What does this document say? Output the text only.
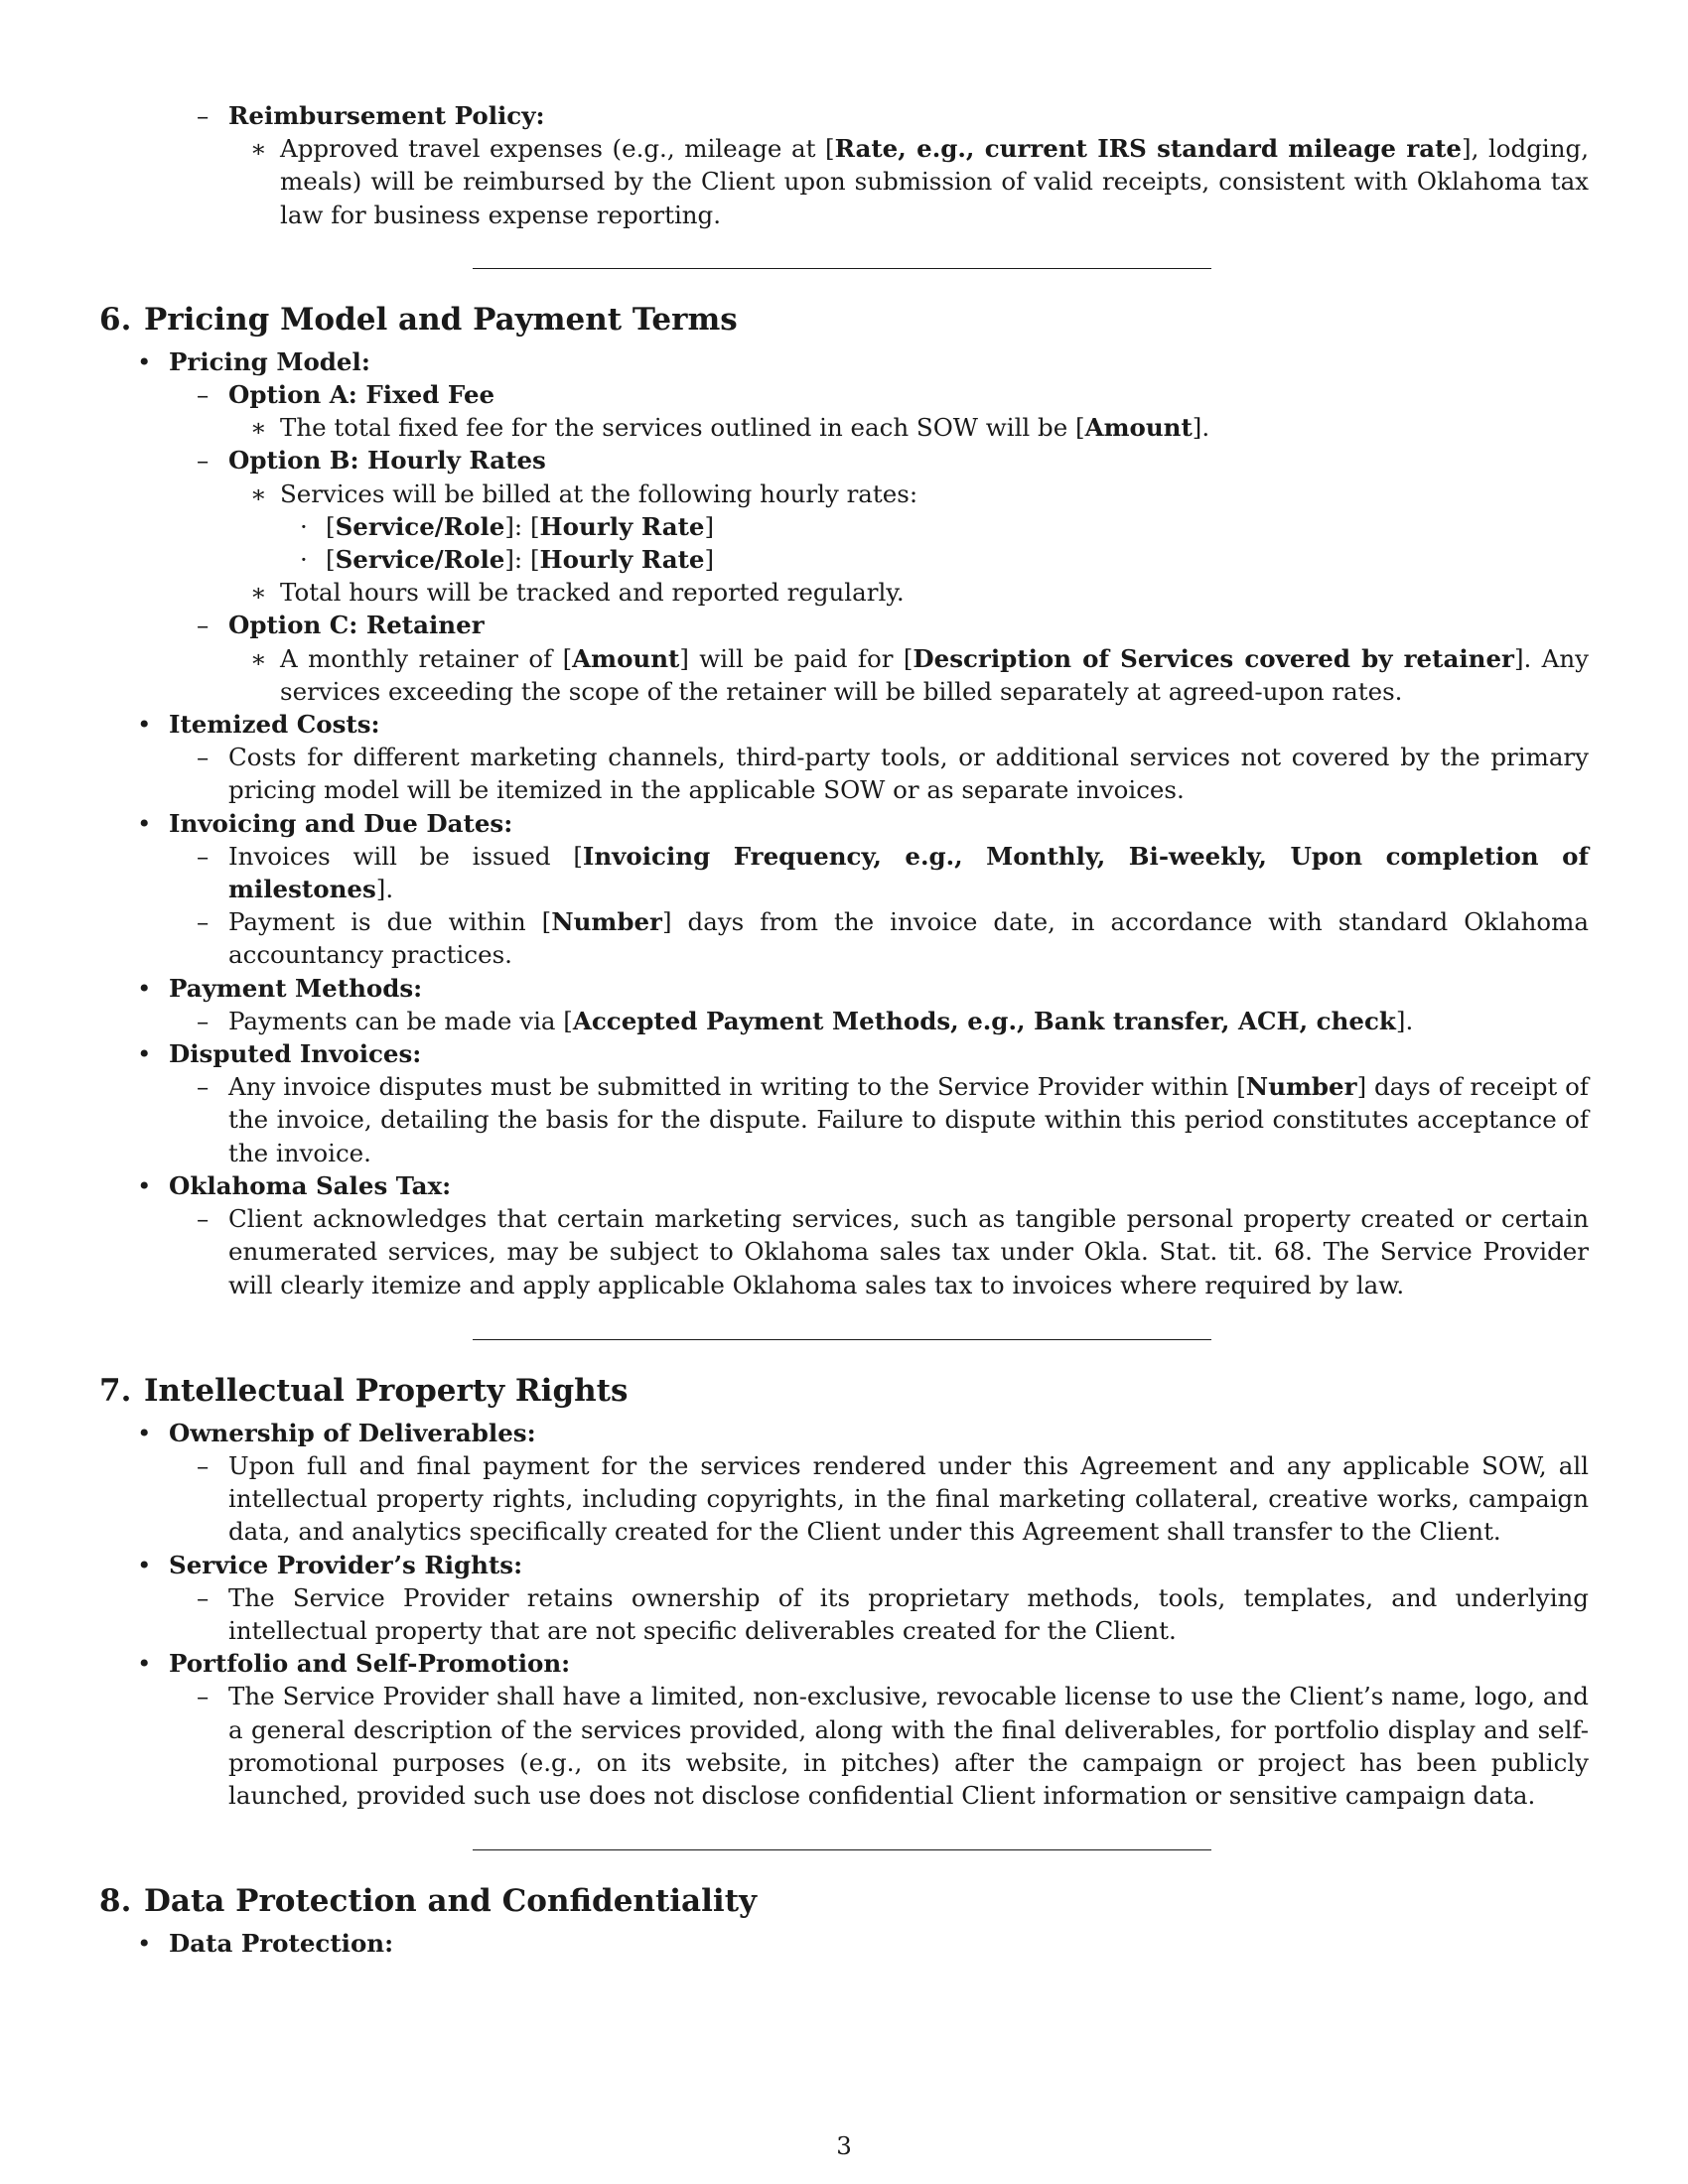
– Reimbursement Policy:

∗ Approved travel expenses (e.g., mileage at [Rate, e.g., current IRS standard mileage rate], lodging, meals) will be reimbursed by the Client upon submission of valid receipts, consistent with Oklahoma tax law for business expense reporting.

6. Pricing Model and Payment Terms

• Pricing Model:

– Option A: Fixed Fee

∗ The total fixed fee for the services outlined in each SOW will be [Amount].

– Option B: Hourly Rates

∗ Services will be billed at the following hourly rates:

· [Service/Role]: [Hourly Rate]

· [Service/Role]: [Hourly Rate]

∗ Total hours will be tracked and reported regularly.

– Option C: Retainer

∗ A monthly retainer of [Amount] will be paid for [Description of Services covered by retainer]. Any services exceeding the scope of the retainer will be billed separately at agreed-upon rates.

• Itemized Costs:

– Costs for different marketing channels, third-party tools, or additional services not covered by the primary pricing model will be itemized in the applicable SOW or as separate invoices.

• Invoicing and Due Dates:

– Invoices will be issued [Invoicing Frequency, e.g., Monthly, Bi-weekly, Upon completion of milestones].

– Payment is due within [Number] days from the invoice date, in accordance with standard Oklahoma accountancy practices.

• Payment Methods:

– Payments can be made via [Accepted Payment Methods, e.g., Bank transfer, ACH, check].

• Disputed Invoices:

– Any invoice disputes must be submitted in writing to the Service Provider within [Number] days of receipt of the invoice, detailing the basis for the dispute. Failure to dispute within this period constitutes acceptance of the invoice.

• Oklahoma Sales Tax:

– Client acknowledges that certain marketing services, such as tangible personal property created or certain enumerated services, may be subject to Oklahoma sales tax under Okla. Stat. tit. 68. The Service Provider will clearly itemize and apply applicable Oklahoma sales tax to invoices where required by law.

7. Intellectual Property Rights

• Ownership of Deliverables:

– Upon full and final payment for the services rendered under this Agreement and any applicable SOW, all intellectual property rights, including copyrights, in the final marketing collateral, creative works, campaign data, and analytics specifically created for the Client under this Agreement shall transfer to the Client.

• Service Provider’s Rights:

– The Service Provider retains ownership of its proprietary methods, tools, templates, and underlying intellectual property that are not specific deliverables created for the Client.

• Portfolio and Self-Promotion:

– The Service Provider shall have a limited, non-exclusive, revocable license to use the Client’s name, logo, and a general description of the services provided, along with the final deliverables, for portfolio display and self-promotional purposes (e.g., on its website, in pitches) after the campaign or project has been publicly launched, provided such use does not disclose confidential Client information or sensitive campaign data.

8. Data Protection and Confidentiality

• Data Protection:

3
